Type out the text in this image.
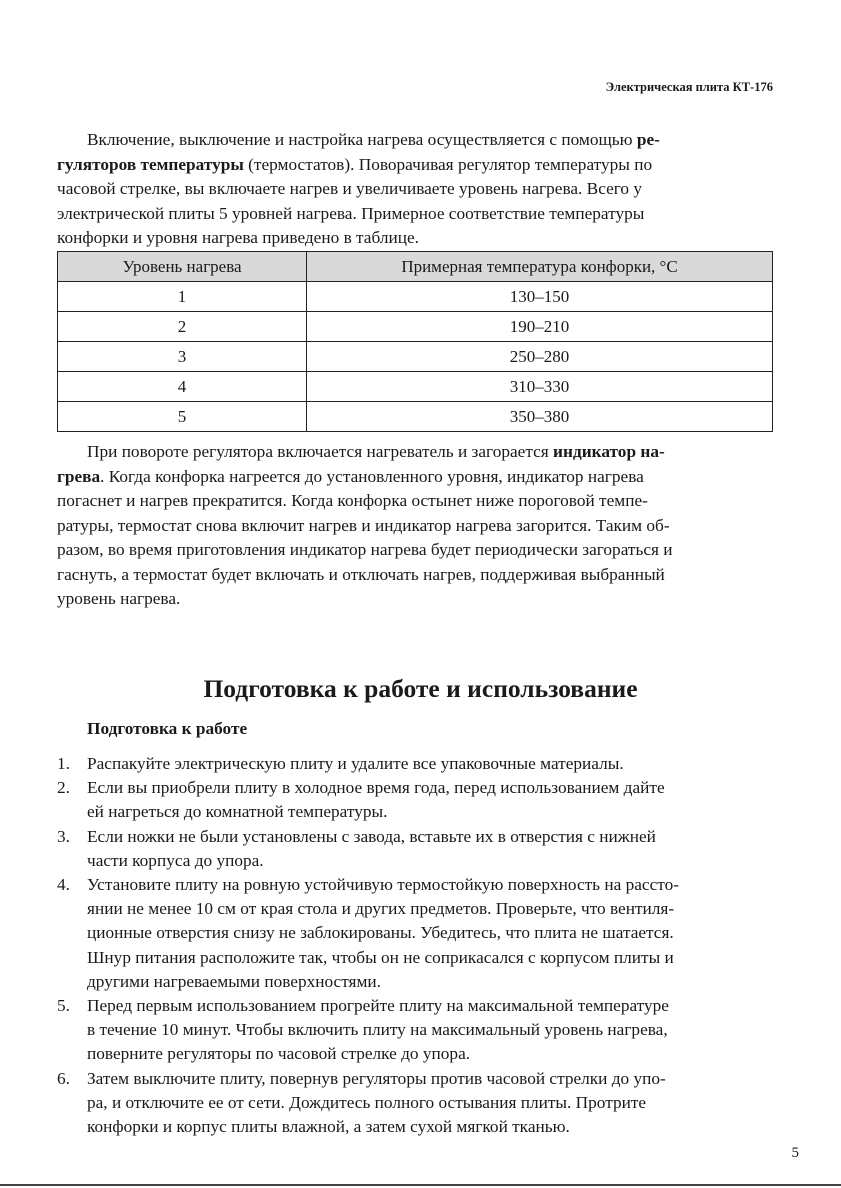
Электрическая плита КТ-176

Включение, выключение и настройка нагрева осуществляется с помощью ре-
гуляторов температуры (термостатов). Поворачивая регулятор температуры по
часовой стрелке, вы включаете нагрев и увеличиваете уровень нагрева. Всего у
электрической плиты 5 уровней нагрева. Примерное соответствие температуры
конфорки и уровня нагрева приведено в таблице.

Уровень нагрева	Примерная температура конфорки, °С
1	130–150
2	190–210
3	250–280
4	310–330
5	350–380

При повороте регулятора включается нагреватель и загорается индикатор на-
грева. Когда конфорка нагреется до установленного уровня, индикатор нагрева
погаснет и нагрев прекратится. Когда конфорка остынет ниже пороговой темпе-
ратуры, термостат снова включит нагрев и индикатор нагрева загорится. Таким об-
разом, во время приготовления индикатор нагрева будет периодически загораться и
гаснуть, а термостат будет включать и отключать нагрев, поддерживая выбранный
уровень нагрева.

Подготовка к работе и использование
Подготовка к работе
1. Распакуйте электрическую плиту и удалите все упаковочные материалы.
2. Если вы приобрели плиту в холодное время года, перед использованием дайте
ей нагреться до комнатной температуры.
3. Если ножки не были установлены с завода, вставьте их в отверстия с нижней
части корпуса до упора.
4. Установите плиту на ровную устойчивую термостойкую поверхность на рассто-
янии не менее 10 см от края стола и других предметов. Проверьте, что вентиля-
ционные отверстия снизу не заблокированы. Убедитесь, что плита не шатается.
Шнур питания расположите так, чтобы он не соприкасался с корпусом плиты и
другими нагреваемыми поверхностями.
5. Перед первым использованием прогрейте плиту на максимальной температуре
в течение 10 минут. Чтобы включить плиту на максимальный уровень нагрева,
поверните регуляторы по часовой стрелке до упора.
6. Затем выключите плиту, повернув регуляторы против часовой стрелки до упо-
ра, и отключите ее от сети. Дождитесь полного остывания плиты. Протрите
конфорки и корпус плиты влажной, а затем сухой мягкой тканью.
5
